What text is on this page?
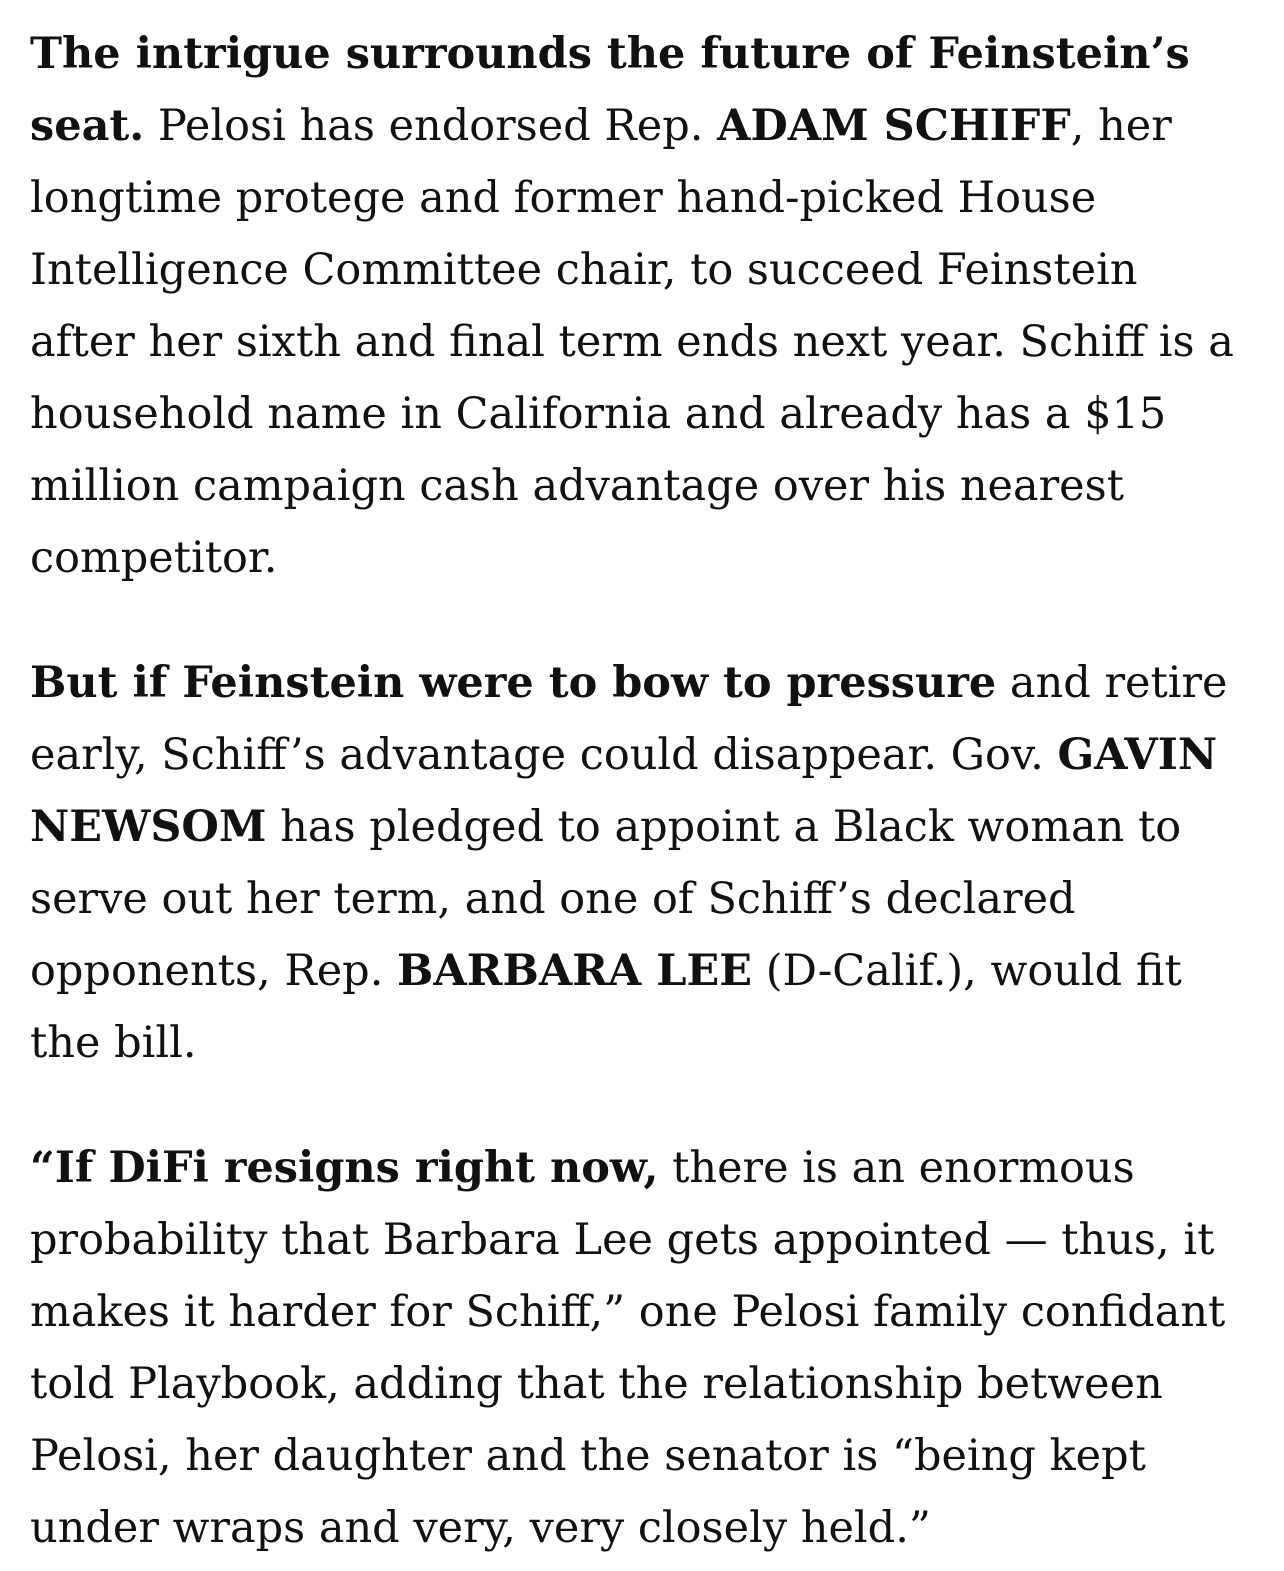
The intrigue surrounds the future of Feinstein’s seat. Pelosi has endorsed Rep. ADAM SCHIFF, her longtime protege and former hand-picked House Intelligence Committee chair, to succeed Feinstein after her sixth and final term ends next year. Schiff is a household name in California and already has a $15 million campaign cash advantage over his nearest competitor.

But if Feinstein were to bow to pressure and retire early, Schiff’s advantage could disappear. Gov. GAVIN NEWSOM has pledged to appoint a Black woman to serve out her term, and one of Schiff’s declared opponents, Rep. BARBARA LEE (D-Calif.), would fit the bill.

“If DiFi resigns right now, there is an enormous probability that Barbara Lee gets appointed — thus, it makes it harder for Schiff,” one Pelosi family confidant told Playbook, adding that the relationship between Pelosi, her daughter and the senator is “being kept under wraps and very, very closely held.”
